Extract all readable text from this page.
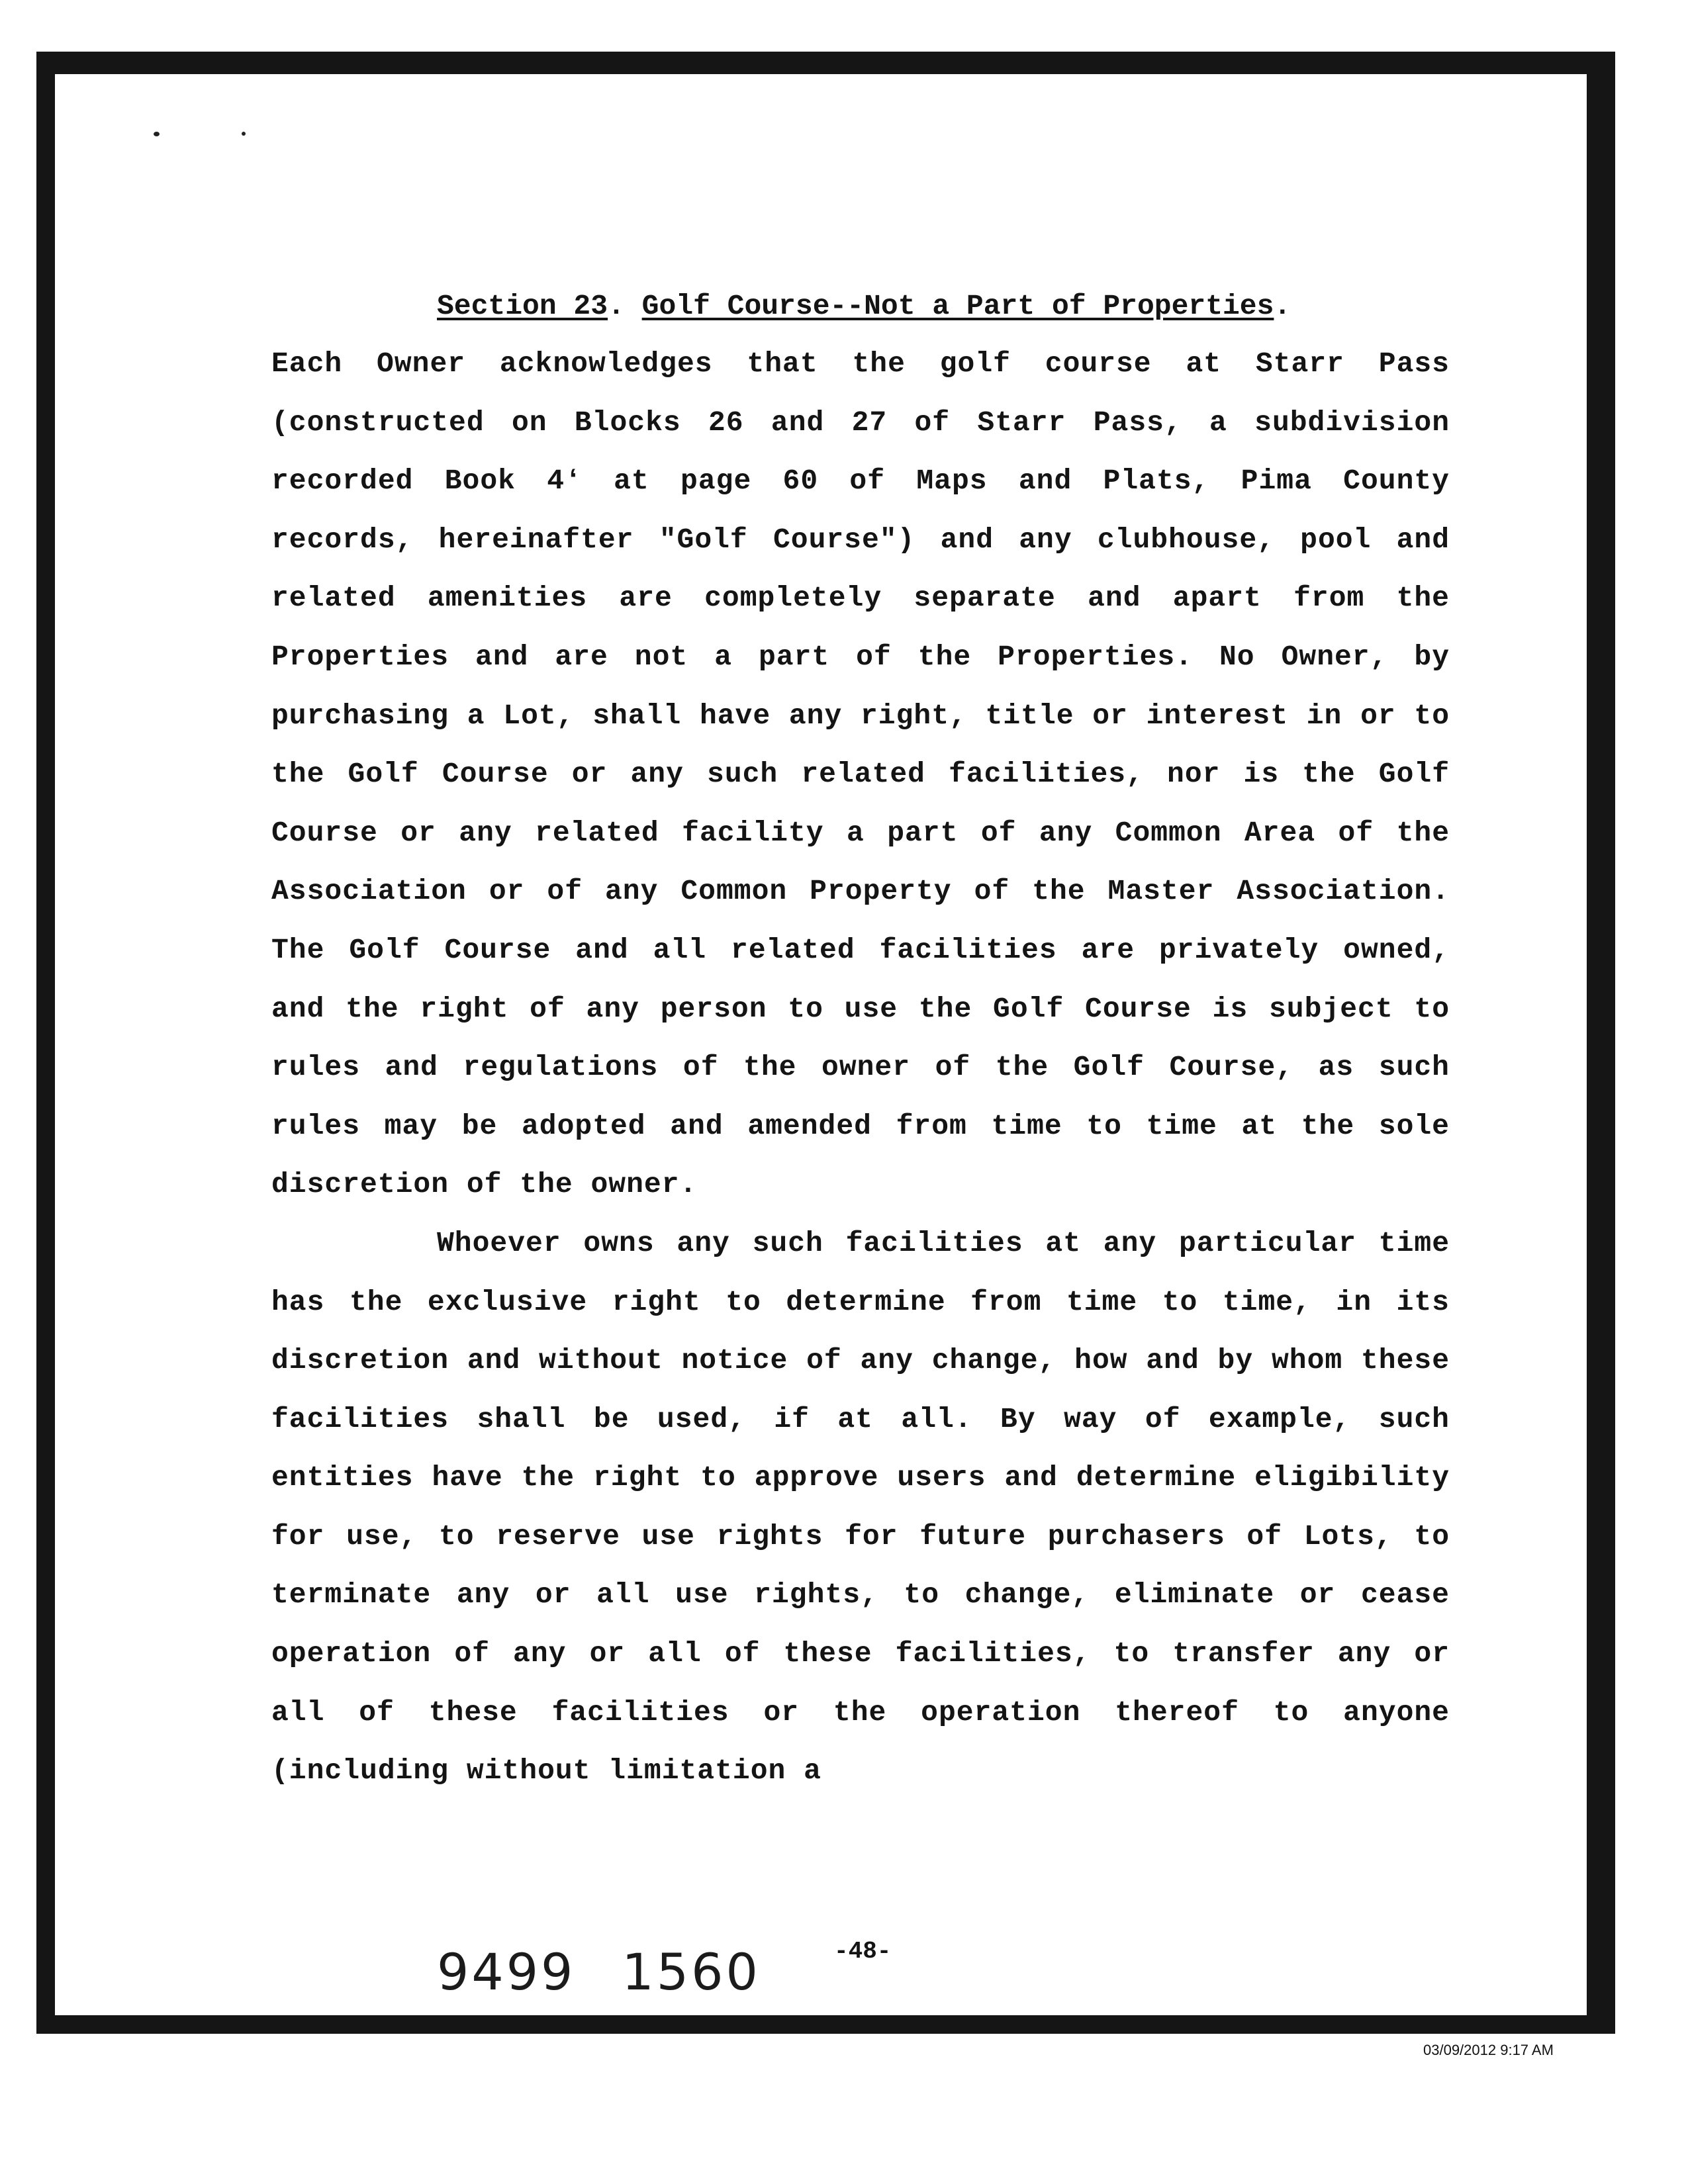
Section 23. Golf Course--Not a Part of Properties.

Each Owner acknowledges that the golf course at Starr Pass (constructed on Blocks 26 and 27 of Starr Pass, a subdivision recorded Book 4ʻ at page 60 of Maps and Plats, Pima County records, hereinafter "Golf Course") and any clubhouse, pool and related amenities are completely separate and apart from the Properties and are not a part of the Properties. No Owner, by purchasing a Lot, shall have any right, title or interest in or to the Golf Course or any such related facilities, nor is the Golf Course or any related facility a part of any Common Area of the Association or of any Common Property of the Master Association. The Golf Course and all related facilities are privately owned, and the right of any person to use the Golf Course is subject to rules and regulations of the owner of the Golf Course, as such rules may be adopted and amended from time to time at the sole discretion of the owner.

Whoever owns any such facilities at any particular time has the exclusive right to determine from time to time, in its discretion and without notice of any change, how and by whom these facilities shall be used, if at all. By way of example, such entities have the right to approve users and determine eligibility for use, to reserve use rights for future purchasers of Lots, to terminate any or all use rights, to change, eliminate or cease operation of any or all of these facilities, to transfer any or all of these facilities or the operation thereof to anyone (including without limitation a

9499 1560	-48-
03/09/2012 9:17 AM
